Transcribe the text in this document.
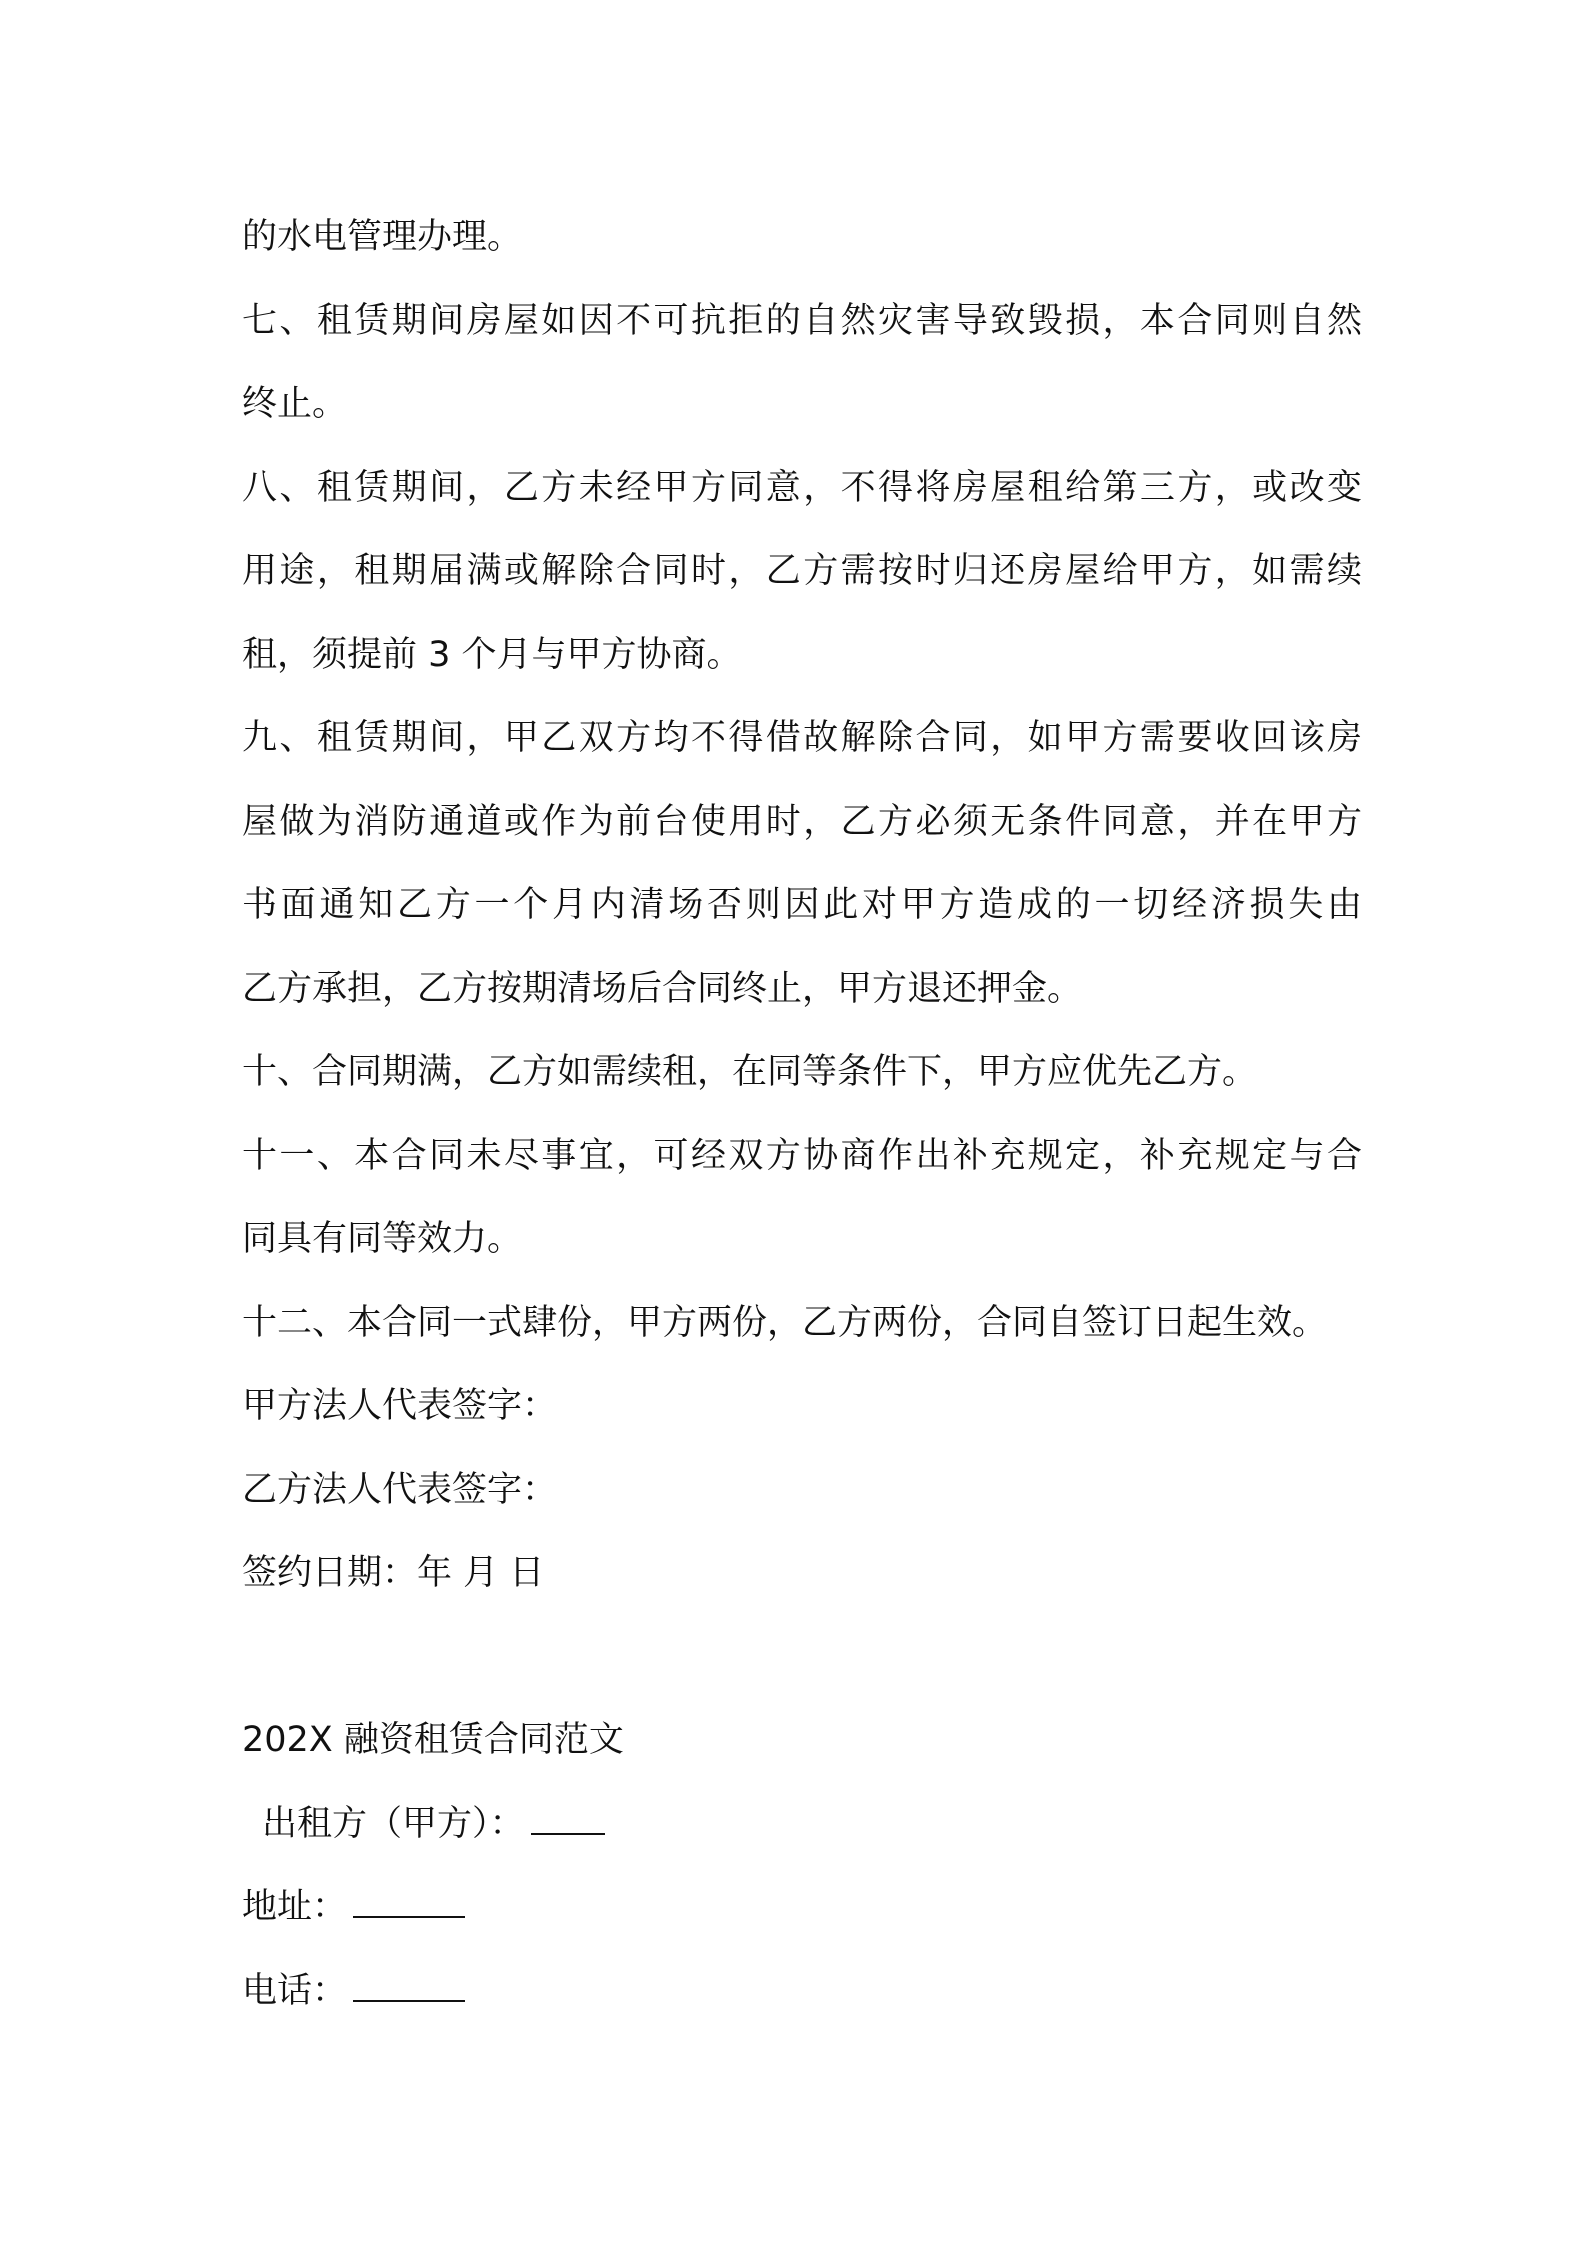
的水电管理办理。

七、租赁期间房屋如因不可抗拒的自然灾害导致毁损，本合同则自然

终止。

八、租赁期间，乙方未经甲方同意，不得将房屋租给第三方，或改变

用途，租期届满或解除合同时，乙方需按时归还房屋给甲方，如需续

租，须提前 3 个月与甲方协商。

九、租赁期间，甲乙双方均不得借故解除合同，如甲方需要收回该房

屋做为消防通道或作为前台使用时，乙方必须无条件同意，并在甲方

书面通知乙方一个月内清场否则因此对甲方造成的一切经济损失由

乙方承担，乙方按期清场后合同终止，甲方退还押金。

十、合同期满，乙方如需续租，在同等条件下，甲方应优先乙方。

十一、本合同未尽事宜，可经双方协商作出补充规定，补充规定与合

同具有同等效力。

十二、本合同一式肆份，甲方两份，乙方两份，合同自签订日起生效。

甲方法人代表签字：

乙方法人代表签字：

签约日期：年 月 日

202X 融资租赁合同范文

出租方（甲方）：

地址：

电话：
